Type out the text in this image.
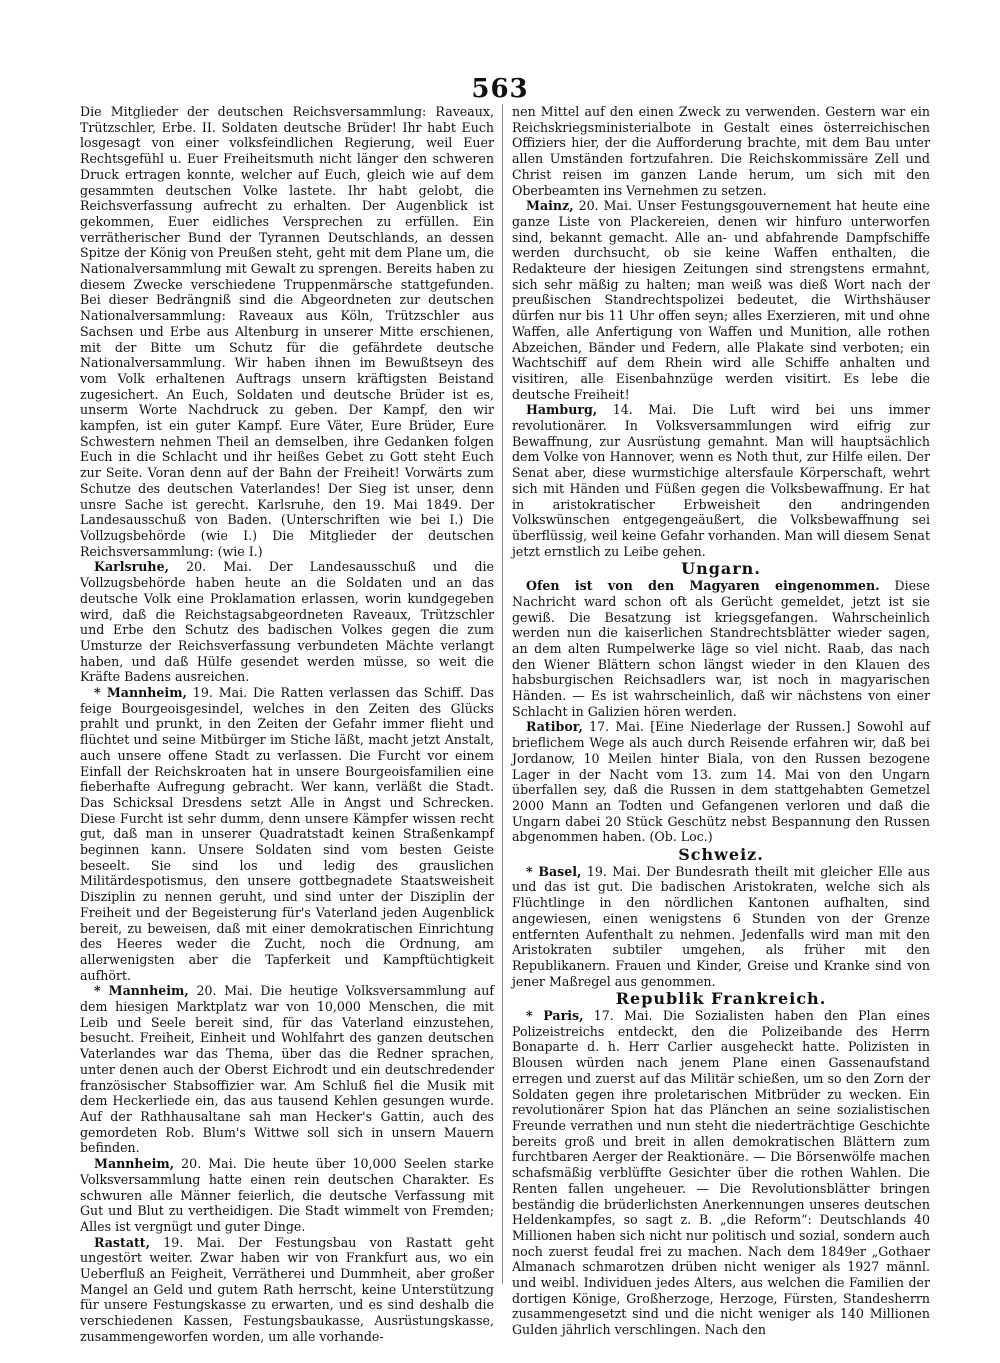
563

Die Mitglieder der deutschen Reichsversammlung: Raveaux, Trützschler, Erbe. II. Soldaten deutsche Brüder! Ihr habt Euch losgesagt von einer volksfeindlichen Regierung, weil Euer Rechtsgefühl u. Euer Freiheitsmuth nicht länger den schweren Druck ertragen konnte, welcher auf Euch, gleich wie auf dem gesammten deutschen Volke lastete. Ihr habt gelobt, die Reichsverfassung aufrecht zu erhalten. Der Augenblick ist gekommen, Euer eidliches Versprechen zu erfüllen. Ein verrätherischer Bund der Tyrannen Deutschlands, an dessen Spitze der König von Preußen steht, geht mit dem Plane um, die Nationalversammlung mit Gewalt zu sprengen. Bereits haben zu diesem Zwecke verschiedene Truppenmärsche stattgefunden. Bei dieser Bedrängniß sind die Abgeordneten zur deutschen Nationalversammlung: Raveaux aus Köln, Trützschler aus Sachsen und Erbe aus Altenburg in unserer Mitte erschienen, mit der Bitte um Schutz für die gefährdete deutsche Nationalversammlung. Wir haben ihnen im Bewußtseyn des vom Volk erhaltenen Auftrags unsern kräftigsten Beistand zugesichert. An Euch, Soldaten und deutsche Brüder ist es, unserm Worte Nachdruck zu geben. Der Kampf, den wir kampfen, ist ein guter Kampf. Eure Väter, Eure Brüder, Eure Schwestern nehmen Theil an demselben, ihre Gedanken folgen Euch in die Schlacht und ihr heißes Gebet zu Gott steht Euch zur Seite. Voran denn auf der Bahn der Freiheit! Vorwärts zum Schutze des deutschen Vaterlandes! Der Sieg ist unser, denn unsre Sache ist gerecht. Karlsruhe, den 19. Mai 1849. Der Landesausschuß von Baden. (Unterschriften wie bei I.) Die Vollzugsbehörde (wie I.) Die Mitglieder der deutschen Reichsversammlung: (wie I.)

Karlsruhe, 20. Mai. Der Landesausschuß und die Vollzugsbehörde haben heute an die Soldaten und an das deutsche Volk eine Proklamation erlassen, worin kundgegeben wird, daß die Reichstagsabgeordneten Raveaux, Trützschler und Erbe den Schutz des badischen Volkes gegen die zum Umsturze der Reichsverfassung verbundeten Mächte verlangt haben, und daß Hülfe gesendet werden müsse, so weit die Kräfte Badens ausreichen.

* Mannheim, 19. Mai. Die Ratten verlassen das Schiff. Das feige Bourgeoisgesindel, welches in den Zeiten des Glücks prahlt und prunkt, in den Zeiten der Gefahr immer flieht und flüchtet und seine Mitbürger im Stiche läßt, macht jetzt Anstalt, auch unsere offene Stadt zu verlassen. Die Furcht vor einem Einfall der Reichskroaten hat in unsere Bourgeoisfamilien eine fieberhafte Aufregung gebracht. Wer kann, verläßt die Stadt. Das Schicksal Dresdens setzt Alle in Angst und Schrecken. Diese Furcht ist sehr dumm, denn unsere Kämpfer wissen recht gut, daß man in unserer Quadratstadt keinen Straßenkampf beginnen kann. Unsere Soldaten sind vom besten Geiste beseelt. Sie sind los und ledig des grauslichen Militärdespotismus, den unsere gottbegnadete Staatsweisheit Disziplin zu nennen geruht, und sind unter der Disziplin der Freiheit und der Begeisterung für's Vaterland jeden Augenblick bereit, zu beweisen, daß mit einer demokratischen Einrichtung des Heeres weder die Zucht, noch die Ordnung, am allerwenigsten aber die Tapferkeit und Kampftüchtigkeit aufhört.

* Mannheim, 20. Mai. Die heutige Volksversammlung auf dem hiesigen Marktplatz war von 10,000 Menschen, die mit Leib und Seele bereit sind, für das Vaterland einzustehen, besucht. Freiheit, Einheit und Wohlfahrt des ganzen deutschen Vaterlandes war das Thema, über das die Redner sprachen, unter denen auch der Oberst Eichrodt und ein deutschredender französischer Stabsoffizier war. Am Schluß fiel die Musik mit dem Heckerliede ein, das aus tausend Kehlen gesungen wurde. Auf der Rathhausaltane sah man Hecker's Gattin, auch des gemordeten Rob. Blum's Wittwe soll sich in unsern Mauern befinden.

Mannheim, 20. Mai. Die heute über 10,000 Seelen starke Volksversammlung hatte einen rein deutschen Charakter. Es schwuren alle Männer feierlich, die deutsche Verfassung mit Gut und Blut zu vertheidigen. Die Stadt wimmelt von Fremden; Alles ist vergnügt und guter Dinge.

Rastatt, 19. Mai. Der Festungsbau von Rastatt geht ungestört weiter. Zwar haben wir von Frankfurt aus, wo ein Ueberfluß an Feigheit, Verrätherei und Dummheit, aber großer Mangel an Geld und gutem Rath herrscht, keine Unterstützung für unsere Festungskasse zu erwarten, und es sind deshalb die verschiedenen Kassen, Festungsbaukasse, Ausrüstungskasse, zusammengeworfen worden, um alle vorhande-

nen Mittel auf den einen Zweck zu verwenden. Gestern war ein Reichskriegsministerialbote in Gestalt eines österreichischen Offiziers hier, der die Aufforderung brachte, mit dem Bau unter allen Umständen fortzufahren. Die Reichskommissäre Zell und Christ reisen im ganzen Lande herum, um sich mit den Oberbeamten ins Vernehmen zu setzen.

Mainz, 20. Mai. Unser Festungsgouvernement hat heute eine ganze Liste von Plackereien, denen wir hinfuro unterworfen sind, bekannt gemacht. Alle an- und abfahrende Dampfschiffe werden durchsucht, ob sie keine Waffen enthalten, die Redakteure der hiesigen Zeitungen sind strengstens ermahnt, sich sehr mäßig zu halten; man weiß was dieß Wort nach der preußischen Standrechtspolizei bedeutet, die Wirthshäuser dürfen nur bis 11 Uhr offen seyn; alles Exerzieren, mit und ohne Waffen, alle Anfertigung von Waffen und Munition, alle rothen Abzeichen, Bänder und Federn, alle Plakate sind verboten; ein Wachtschiff auf dem Rhein wird alle Schiffe anhalten und visitiren, alle Eisenbahnzüge werden visitirt. Es lebe die deutsche Freiheit!

Hamburg, 14. Mai. Die Luft wird bei uns immer revolutionärer. In Volksversammlungen wird eifrig zur Bewaffnung, zur Ausrüstung gemahnt. Man will hauptsächlich dem Volke von Hannover, wenn es Noth thut, zur Hilfe eilen. Der Senat aber, diese wurmstichige altersfaule Körperschaft, wehrt sich mit Händen und Füßen gegen die Volksbewaffnung. Er hat in aristokratischer Erbweisheit den andringenden Volkswünschen entgegengeäußert, die Volksbewaffnung sei überflüssig, weil keine Gefahr vorhanden. Man will diesem Senat jetzt ernstlich zu Leibe gehen.

Ungarn.

Ofen ist von den Magyaren eingenommen. Diese Nachricht ward schon oft als Gerücht gemeldet, jetzt ist sie gewiß. Die Besatzung ist kriegsgefangen. Wahrscheinlich werden nun die kaiserlichen Standrechtsblätter wieder sagen, an dem alten Rumpelwerke läge so viel nicht. Raab, das nach den Wiener Blättern schon längst wieder in den Klauen des habsburgischen Reichsadlers war, ist noch in magyarischen Händen. — Es ist wahrscheinlich, daß wir nächstens von einer Schlacht in Galizien hören werden.

Ratibor, 17. Mai. [Eine Niederlage der Russen.] Sowohl auf brieflichem Wege als auch durch Reisende erfahren wir, daß bei Jordanow, 10 Meilen hinter Biala, von den Russen bezogene Lager in der Nacht vom 13. zum 14. Mai von den Ungarn überfallen sey, daß die Russen in dem stattgehabten Gemetzel 2000 Mann an Todten und Gefangenen verloren und daß die Ungarn dabei 20 Stück Geschütz nebst Bespannung den Russen abgenommen haben. (Ob. Loc.)

Schweiz.

* Basel, 19. Mai. Der Bundesrath theilt mit gleicher Elle aus und das ist gut. Die badischen Aristokraten, welche sich als Flüchtlinge in den nördlichen Kantonen aufhalten, sind angewiesen, einen wenigstens 6 Stunden von der Grenze entfernten Aufenthalt zu nehmen. Jedenfalls wird man mit den Aristokraten subtiler umgehen, als früher mit den Republikanern. Frauen und Kinder, Greise und Kranke sind von jener Maßregel aus genommen.

Republik Frankreich.

* Paris, 17. Mai. Die Sozialisten haben den Plan eines Polizeistreichs entdeckt, den die Polizeibande des Herrn Bonaparte d. h. Herr Carlier ausgeheckt hatte. Polizisten in Blousen würden nach jenem Plane einen Gassenaufstand erregen und zuerst auf das Militär schießen, um so den Zorn der Soldaten gegen ihre proletarischen Mitbrüder zu wecken. Ein revolutionärer Spion hat das Plänchen an seine sozialistischen Freunde verrathen und nun steht die niederträchtige Geschichte bereits groß und breit in allen demokratischen Blättern zum furchtbaren Aerger der Reaktionäre. — Die Börsenwölfe machen schafsmäßig verblüffte Gesichter über die rothen Wahlen. Die Renten fallen ungeheuer. — Die Revolutionsblätter bringen beständig die brüderlichsten Anerkennungen unseres deutschen Heldenkampfes, so sagt z. B. „die Reform“: Deutschlands 40 Millionen haben sich nicht nur politisch und sozial, sondern auch noch zuerst feudal frei zu machen. Nach dem 1849er „Gothaer Almanach schmarotzen drüben nicht weniger als 1927 männl. und weibl. Individuen jedes Alters, aus welchen die Familien der dortigen Könige, Großherzoge, Herzoge, Fürsten, Standesherrn zusammengesetzt sind und die nicht weniger als 140 Millionen Gulden jährlich verschlingen. Nach den
